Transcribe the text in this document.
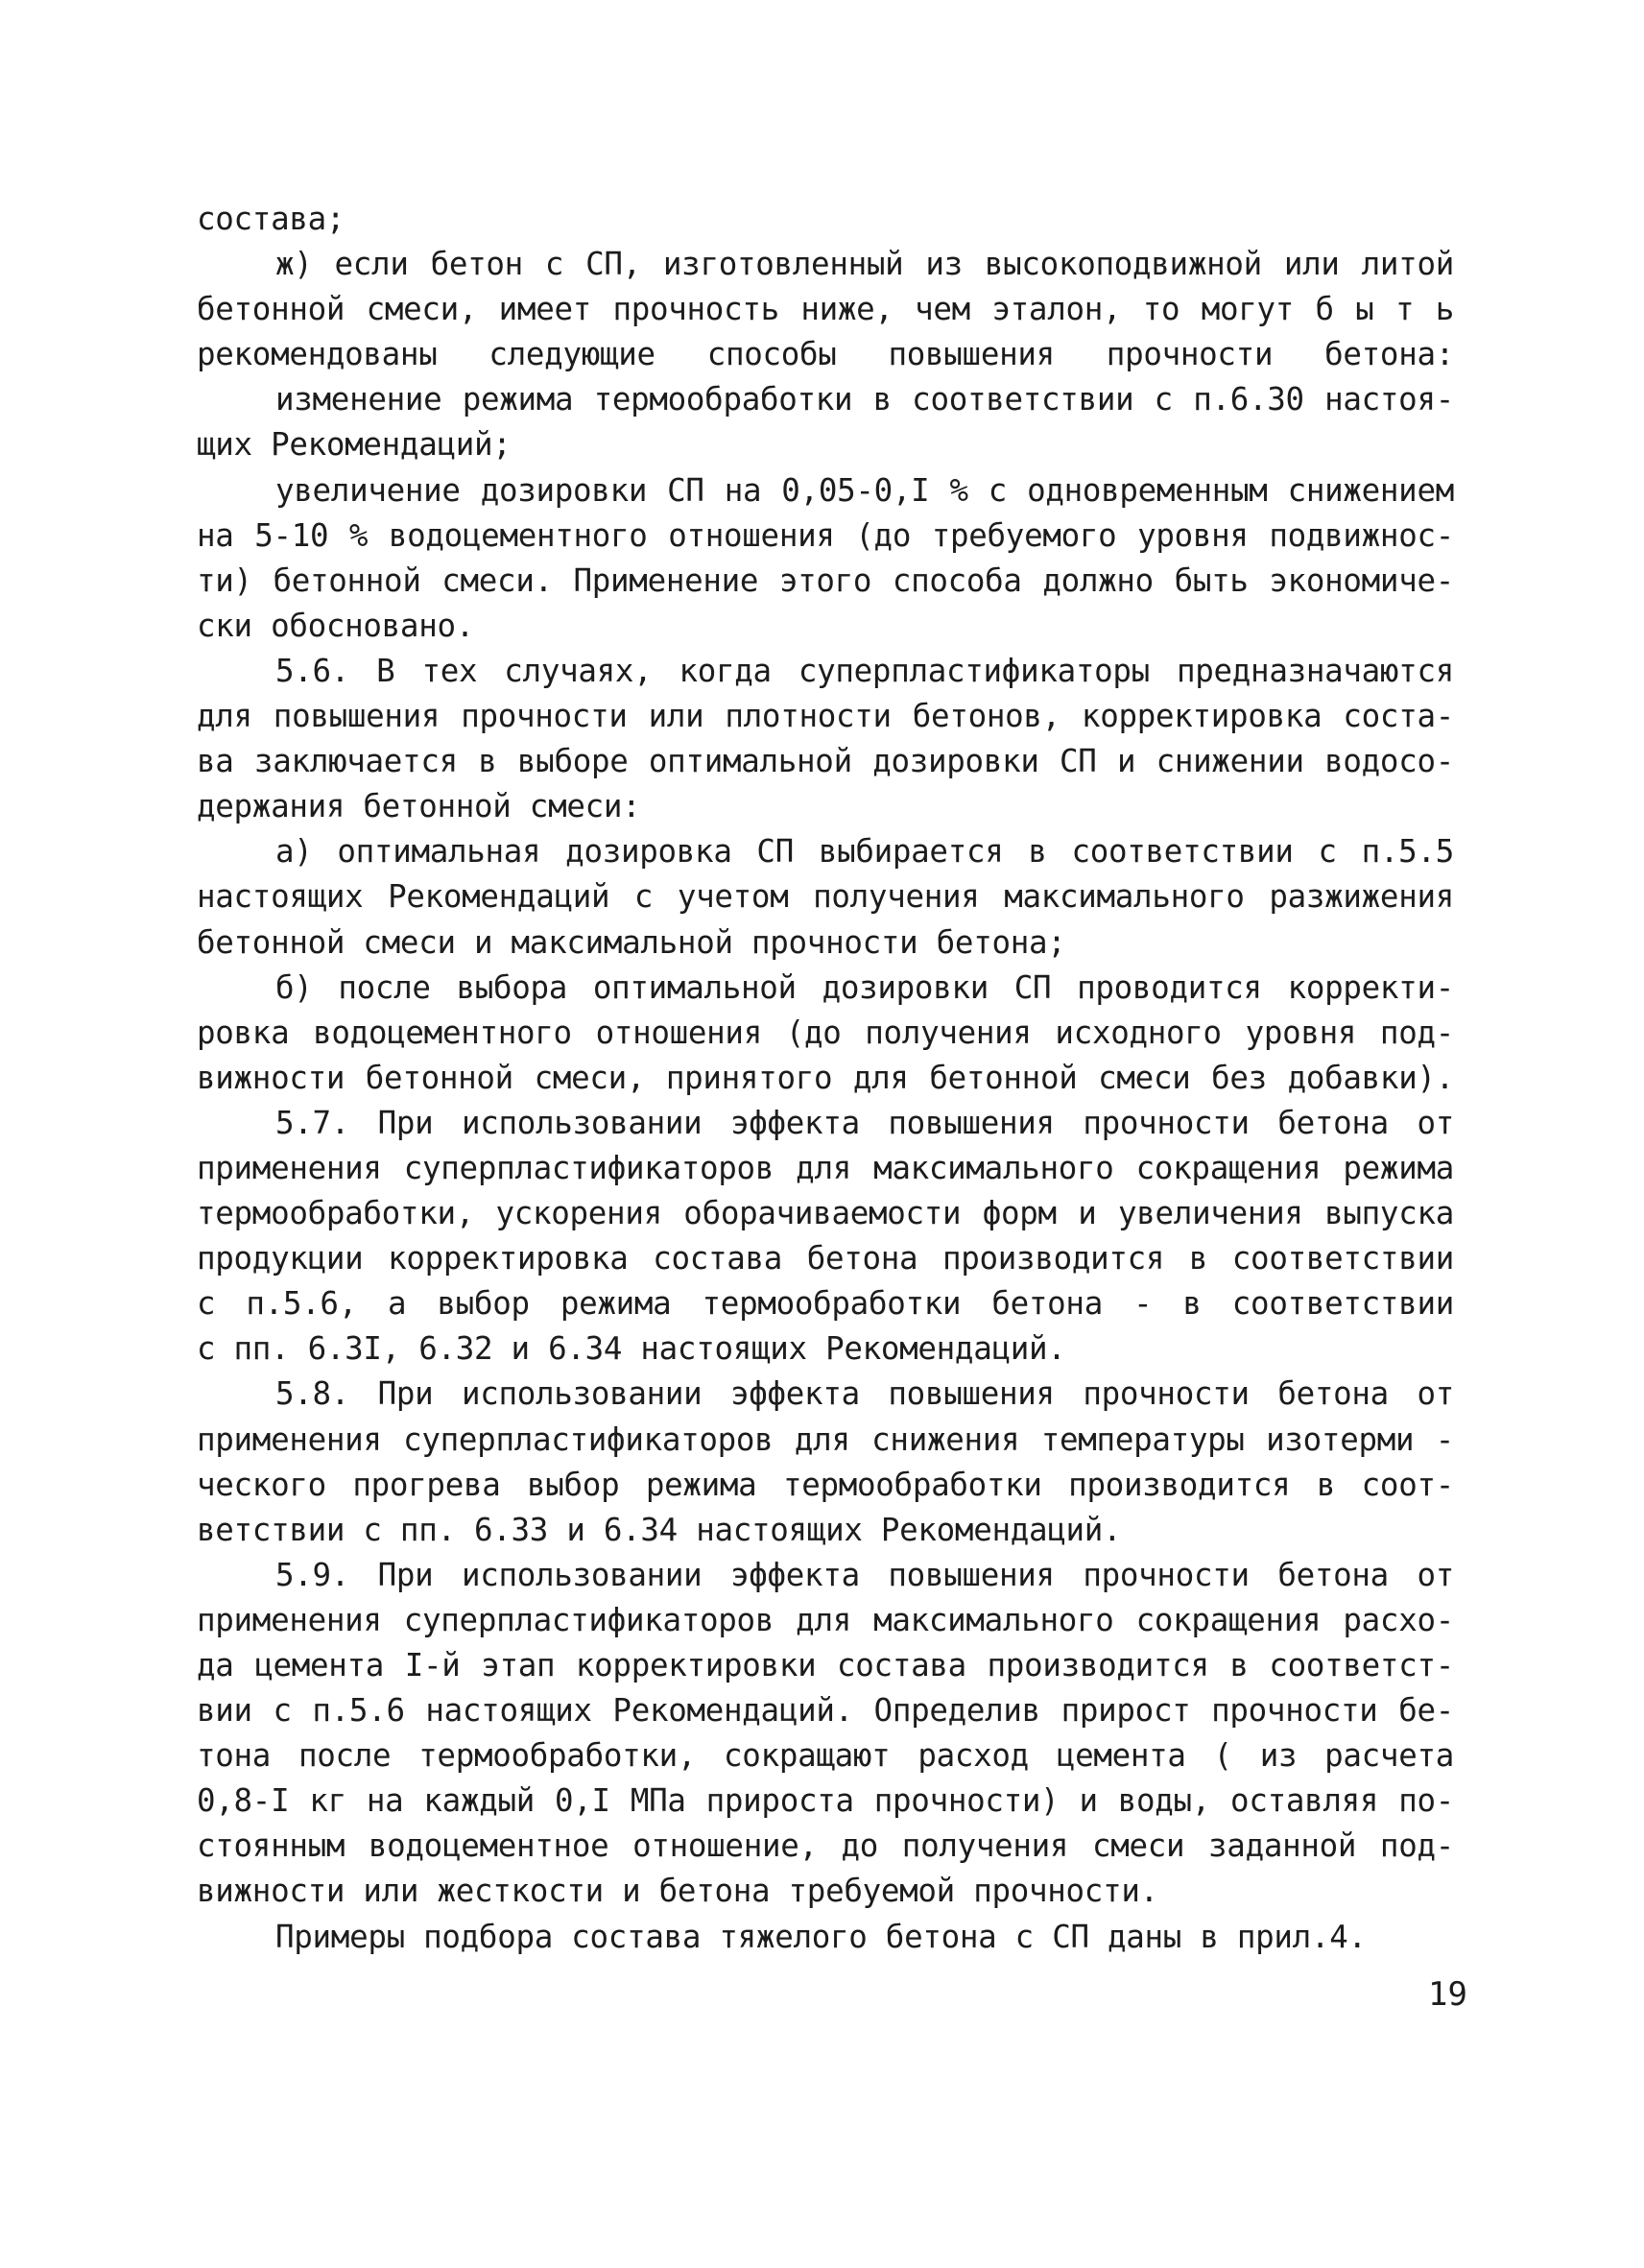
состава;
ж) если бетон с СП, изготовленный из высокоподвижной или литой
бетонной смеси, имеет прочность ниже, чем эталон, то могут б ы т ь
рекомендованы следующие способы повышения прочности бетона:
изменение режима термообработки в соответствии с п.6.30 настоя-
щих Рекомендаций;
увеличение дозировки СП на 0,05-0,I % с одновременным снижением
на 5-10 % водоцементного отношения (до требуемого уровня подвижнос-
ти) бетонной смеси. Применение этого способа должно быть экономиче-
ски обосновано.
5.6. В тех случаях, когда суперпластификаторы предназначаются
для повышения прочности или плотности бетонов, корректировка соста-
ва заключается в выборе оптимальной дозировки СП и снижении водосо-
держания бетонной смеси:
а) оптимальная дозировка СП выбирается в соответствии с п.5.5
настоящих Рекомендаций с учетом получения максимального разжижения
бетонной смеси и максимальной прочности бетона;
б) после выбора оптимальной дозировки СП проводится корректи-
ровка водоцементного отношения (до получения исходного уровня под-
вижности бетонной смеси, принятого для бетонной смеси без добавки).
5.7. При использовании эффекта повышения прочности бетона от
применения суперпластификаторов для максимального сокращения режима
термообработки, ускорения оборачиваемости форм и увеличения выпуска
продукции корректировка состава бетона производится в соответствии
с п.5.6, а выбор режима термообработки бетона - в соответствии
с пп. 6.3I, 6.32 и 6.34 настоящих Рекомендаций.
5.8. При использовании эффекта повышения прочности бетона от
применения суперпластификаторов для снижения температуры изотерми -
ческого прогрева выбор режима термообработки производится в соот-
ветствии с пп. 6.33 и 6.34 настоящих Рекомендаций.
5.9. При использовании эффекта повышения прочности бетона от
применения суперпластификаторов для максимального сокращения расхо-
да цемента I-й этап корректировки состава производится в соответст-
вии с п.5.6 настоящих Рекомендаций. Определив прирост прочности бе-
тона после термообработки, сокращают расход цемента ( из расчета
0,8-I кг на каждый 0,I МПа прироста прочности) и воды, оставляя по-
стоянным водоцементное отношение, до получения смеси заданной под-
вижности или жесткости и бетона требуемой прочности.
Примеры подбора состава тяжелого бетона с СП даны в прил.4.
19
